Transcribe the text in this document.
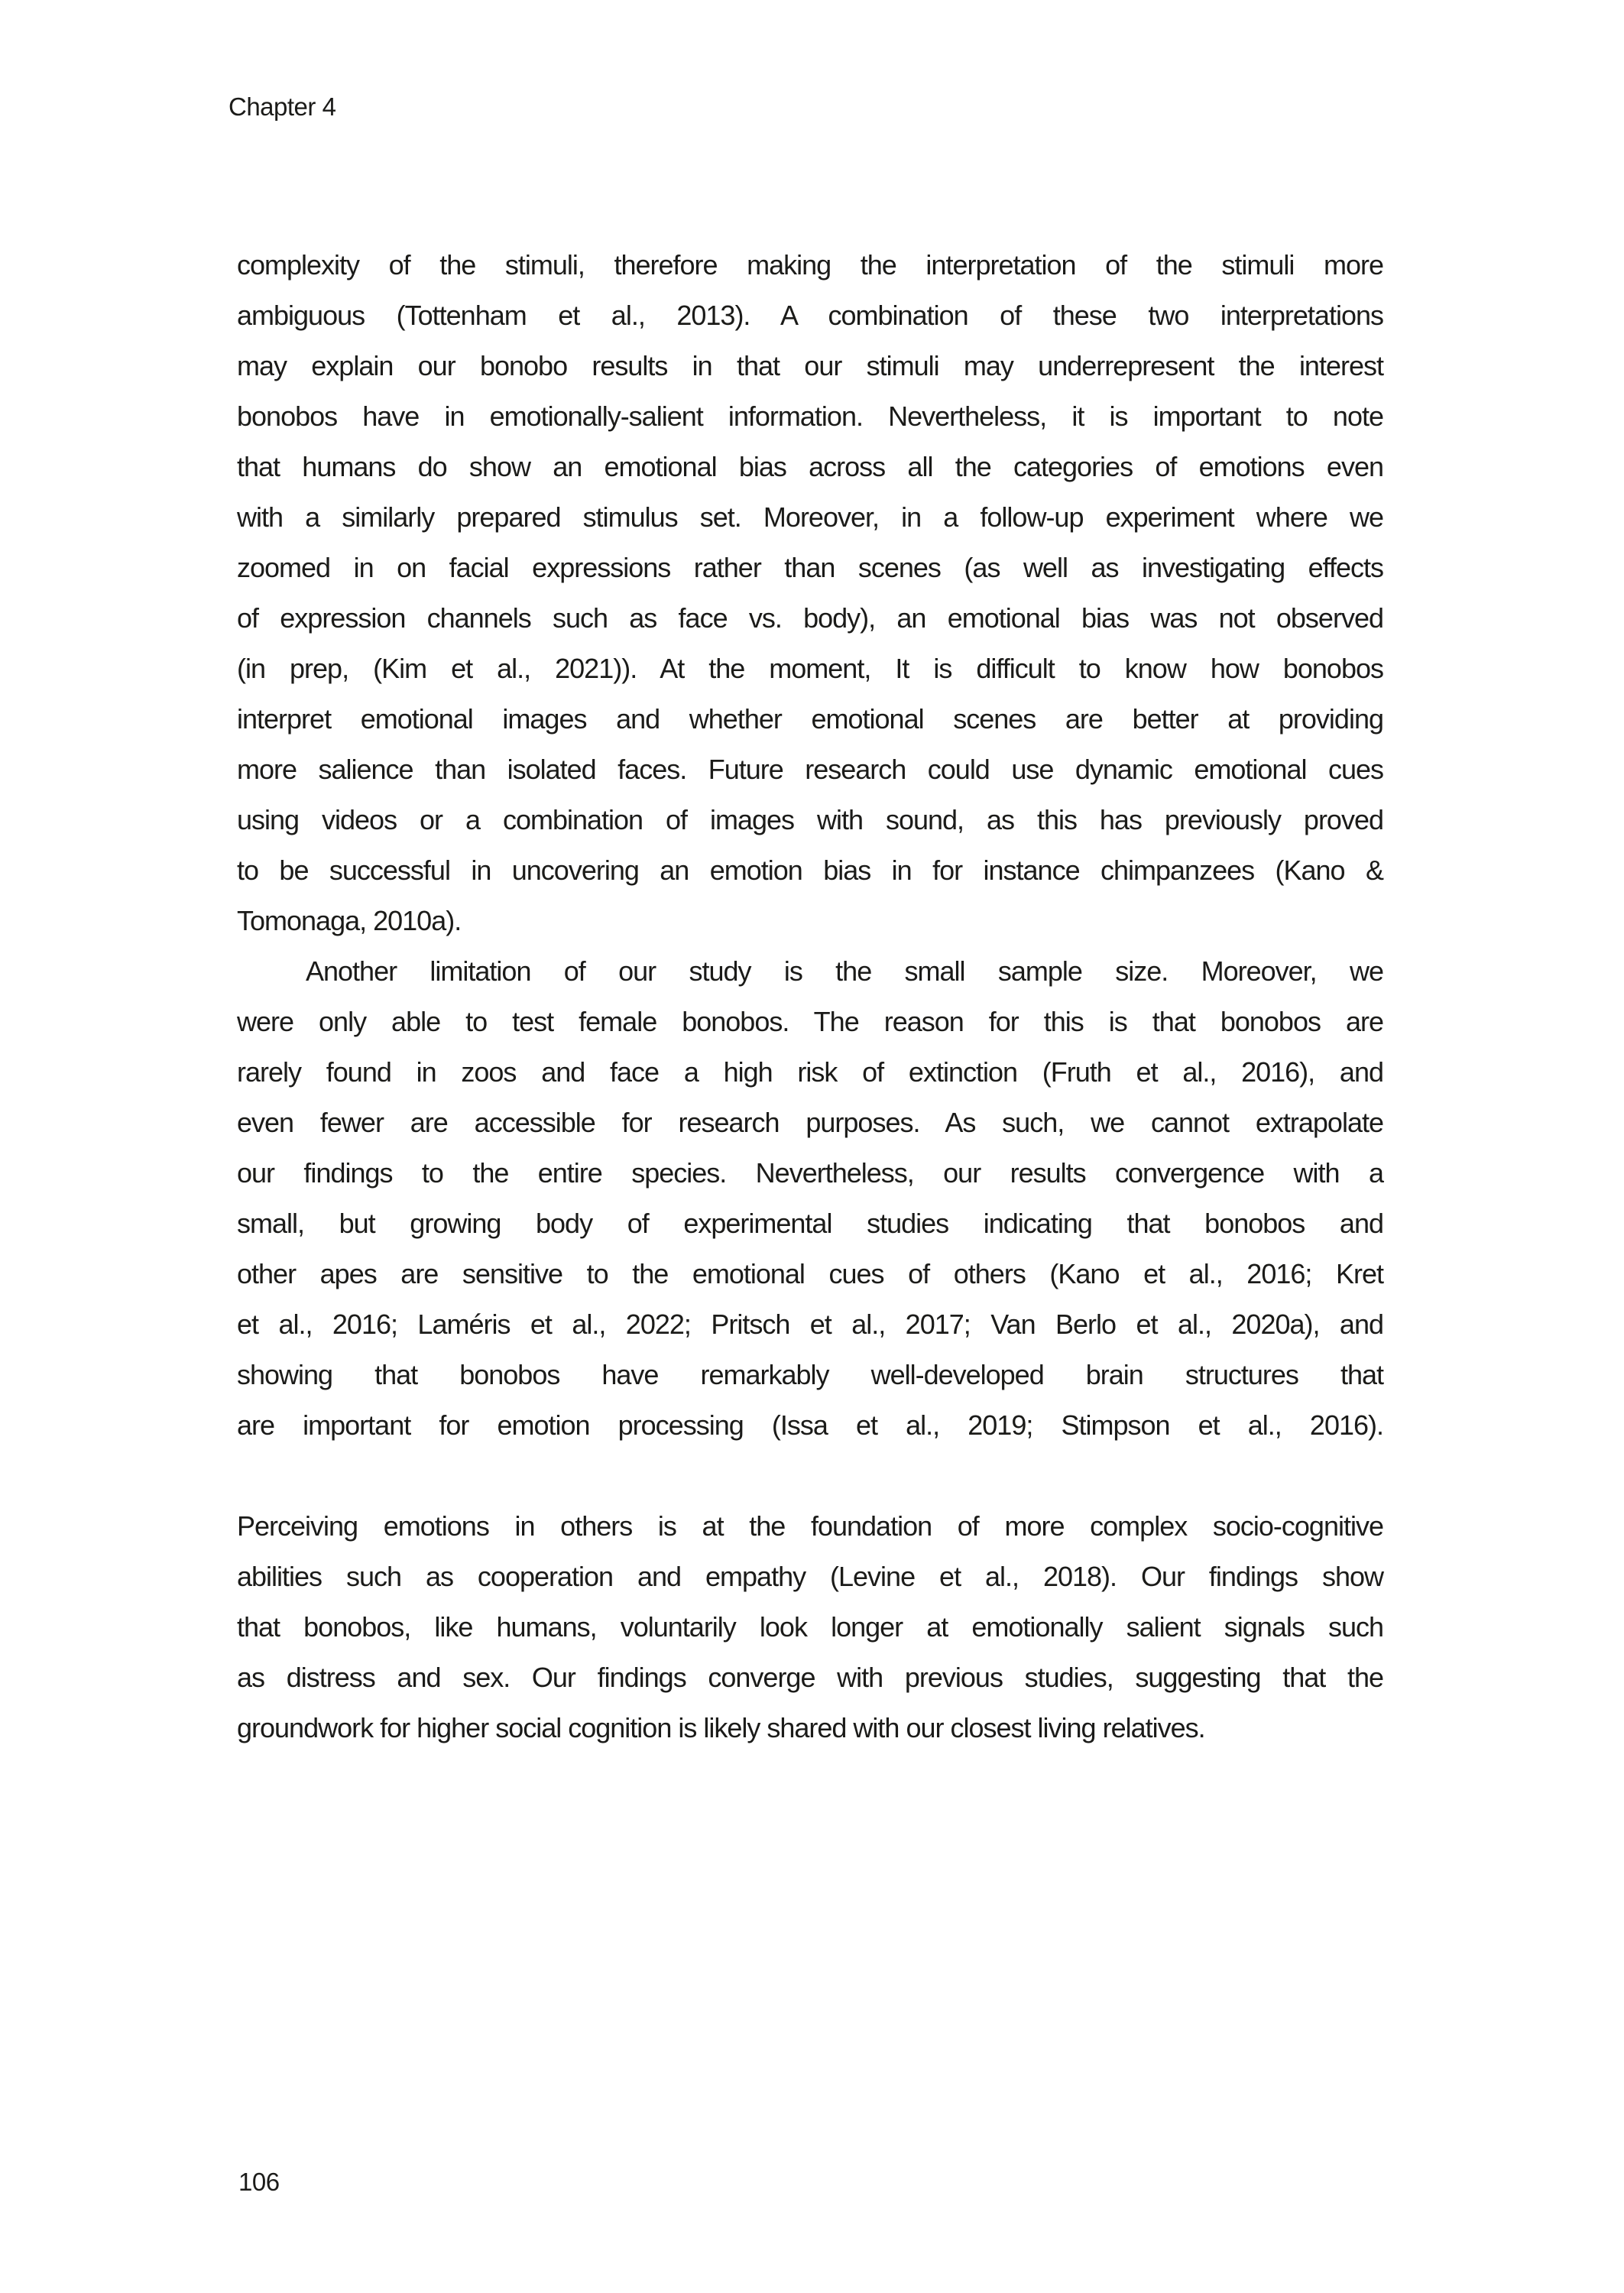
Chapter 4
complexity of the stimuli, therefore making the interpretation of the stimuli more
ambiguous (Tottenham et al., 2013). A combination of these two interpretations
may explain our bonobo results in that our stimuli may underrepresent the interest
bonobos have in emotionally-salient information. Nevertheless, it is important to note
that humans do show an emotional bias across all the categories of emotions even
with a similarly prepared stimulus set. Moreover, in a follow-up experiment where we
zoomed in on facial expressions rather than scenes (as well as investigating effects
of expression channels such as face vs. body), an emotional bias was not observed
(in prep, (Kim et al., 2021)). At the moment, It is difficult to know how bonobos
interpret emotional images and whether emotional scenes are better at providing
more salience than isolated faces. Future research could use dynamic emotional cues
using videos or a combination of images with sound, as this has previously proved
to be successful in uncovering an emotion bias in for instance chimpanzees (Kano &
Tomonaga, 2010a).
Another limitation of our study is the small sample size. Moreover, we
were only able to test female bonobos. The reason for this is that bonobos are
rarely found in zoos and face a high risk of extinction (Fruth et al., 2016), and
even fewer are accessible for research purposes. As such, we cannot extrapolate
our findings to the entire species. Nevertheless, our results convergence with a
small, but growing body of experimental studies indicating that bonobos and
other apes are sensitive to the emotional cues of others (Kano et al., 2016; Kret
et al., 2016; Laméris et al., 2022; Pritsch et al., 2017; Van Berlo et al., 2020a), and
showing that bonobos have remarkably well-developed brain structures that
are important for emotion processing (Issa et al., 2019; Stimpson et al., 2016).
Perceiving emotions in others is at the foundation of more complex socio-cognitive
abilities such as cooperation and empathy (Levine et al., 2018). Our findings show
that bonobos, like humans, voluntarily look longer at emotionally salient signals such
as distress and sex. Our findings converge with previous studies, suggesting that the
groundwork for higher social cognition is likely shared with our closest living relatives.
106
